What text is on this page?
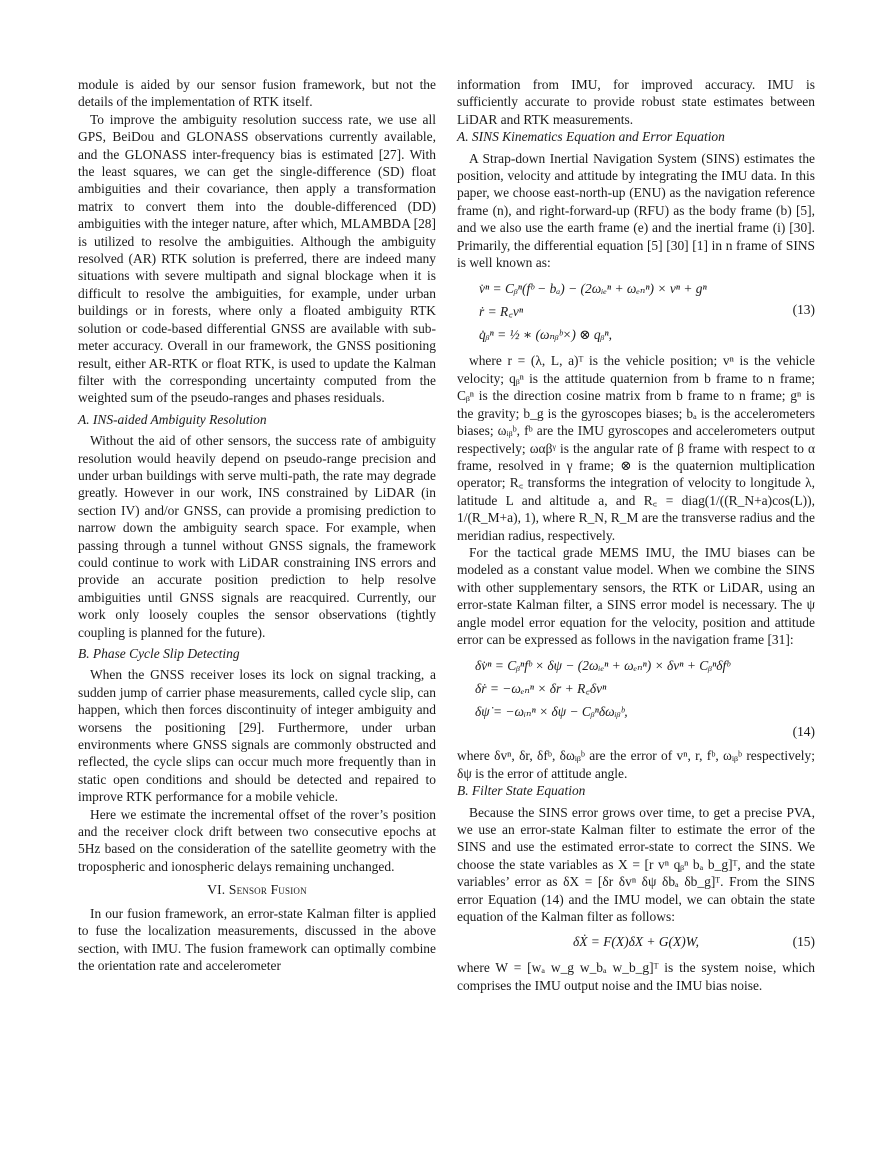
module is aided by our sensor fusion framework, but not the details of the implementation of RTK itself.

To improve the ambiguity resolution success rate, we use all GPS, BeiDou and GLONASS observations currently available, and the GLONASS inter-frequency bias is estimated [27]. With the least squares, we can get the single-difference (SD) float ambiguities and their covariance, then apply a transformation matrix to convert them into the double-differenced (DD) ambiguities with the integer nature, after which, MLAMBDA [28] is utilized to resolve the ambiguities. Although the ambiguity resolved (AR) RTK solution is preferred, there are indeed many situations with severe multipath and signal blockage when it is difficult to resolve the ambiguities, for example, under urban buildings or in forests, where only a floated ambiguity RTK solution or code-based differential GNSS are available with sub-meter accuracy. Overall in our framework, the GNSS positioning result, either AR-RTK or float RTK, is used to update the Kalman filter with the corresponding uncertainty computed from the weighted sum of the pseudo-ranges and phases residuals.

A. INS-aided Ambiguity Resolution

Without the aid of other sensors, the success rate of ambiguity resolution would heavily depend on pseudo-range precision and under urban buildings with serve multi-path, the rate may degrade greatly. However in our work, INS constrained by LiDAR (in section IV) and/or GNSS, can provide a promising prediction to narrow down the ambiguity search space. For example, when passing through a tunnel without GNSS signals, the framework could continue to work with LiDAR constraining INS errors and provide an accurate position prediction to help resolve ambiguities until GNSS signals are reacquired. Currently, our work only loosely couples the sensor observations (tightly coupling is planned for the future).

B. Phase Cycle Slip Detecting

When the GNSS receiver loses its lock on signal tracking, a sudden jump of carrier phase measurements, called cycle slip, can happen, which then forces discontinuity of integer ambiguity and worsens the positioning [29]. Furthermore, under urban environments where GNSS signals are commonly obstructed and reflected, the cycle slips can occur much more frequently than in static open conditions and should be detected and repaired to improve RTK performance for a mobile vehicle.

Here we estimate the incremental offset of the rover’s position and the receiver clock drift between two consecutive epochs at 5Hz based on the consideration of the satellite geometry with the tropospheric and ionospheric delays remaining unchanged.

VI. Sensor Fusion

In our fusion framework, an error-state Kalman filter is applied to fuse the localization measurements, discussed in the above section, with IMU. The fusion framework can optimally combine the orientation rate and accelerometer

information from IMU, for improved accuracy. IMU is sufficiently accurate to provide robust state estimates between LiDAR and RTK measurements.

A. SINS Kinematics Equation and Error Equation

A Strap-down Inertial Navigation System (SINS) estimates the position, velocity and attitude by integrating the IMU data. In this paper, we choose east-north-up (ENU) as the navigation reference frame (n), and right-forward-up (RFU) as the body frame (b) [5], and we also use the earth frame (e) and the inertial frame (i) [30]. Primarily, the differential equation [5] [30] [1] in n frame of SINS is well known as:

v̇ⁿ = Cᵦⁿ(fᵇ − bₐ) − (2ωᵢₑⁿ + ωₑₙⁿ) × vⁿ + gⁿ
ṙ = R꜀vⁿ
q̇ᵦⁿ = ½ ∗ (ωₙᵦᵇ×) ⊗ qᵦⁿ,
(13)

where r = (λ, L, a)ᵀ is the vehicle position; vⁿ is the vehicle velocity; qᵦⁿ is the attitude quaternion from b frame to n frame; Cᵦⁿ is the direction cosine matrix from b frame to n frame; gⁿ is the gravity; b_g is the gyroscopes biases; bₐ is the accelerometers biases; ωᵢᵦᵇ, fᵇ are the IMU gyroscopes and accelerometers output respectively; ωαβᵞ is the angular rate of β frame with respect to α frame, resolved in γ frame; ⊗ is the quaternion multiplication operator; R꜀ transforms the integration of velocity to longitude λ, latitude L and altitude a, and R꜀ = diag(1/((R_N+a)cos(L)), 1/(R_M+a), 1), where R_N, R_M are the transverse radius and the meridian radius, respectively.

For the tactical grade MEMS IMU, the IMU biases can be modeled as a constant value model. When we combine the SINS with other supplementary sensors, the RTK or LiDAR, using an error-state Kalman filter, a SINS error model is necessary. The ψ angle model error equation for the velocity, position and attitude error can be expressed as follows in the navigation frame [31]:

δv̇ⁿ = Cᵦⁿfᵇ × δψ − (2ωᵢₑⁿ + ωₑₙⁿ) × δvⁿ + Cᵦⁿδfᵇ
δṙ = −ωₑₙⁿ × δr + R꜀δvⁿ
δψ̇ = −ωᵢₙⁿ × δψ − Cᵦⁿδωᵢᵦᵇ,
(14)

where δvⁿ, δr, δfᵇ, δωᵢᵦᵇ are the error of vⁿ, r, fᵇ, ωᵢᵦᵇ respectively; δψ is the error of attitude angle.

B. Filter State Equation

Because the SINS error grows over time, to get a precise PVA, we use an error-state Kalman filter to estimate the error of the SINS and use the estimated error-state to correct the SINS. We choose the state variables as X = [r vⁿ qᵦⁿ bₐ b_g]ᵀ, and the state variables’ error as δX = [δr δvⁿ δψ δbₐ δb_g]ᵀ. From the SINS error Equation (14) and the IMU model, we can obtain the state equation of the Kalman filter as follows:

δẊ = F(X)δX + G(X)W,	(15)

where W = [wₐ w_g w_bₐ w_b_g]ᵀ is the system noise, which comprises the IMU output noise and the IMU bias noise.
